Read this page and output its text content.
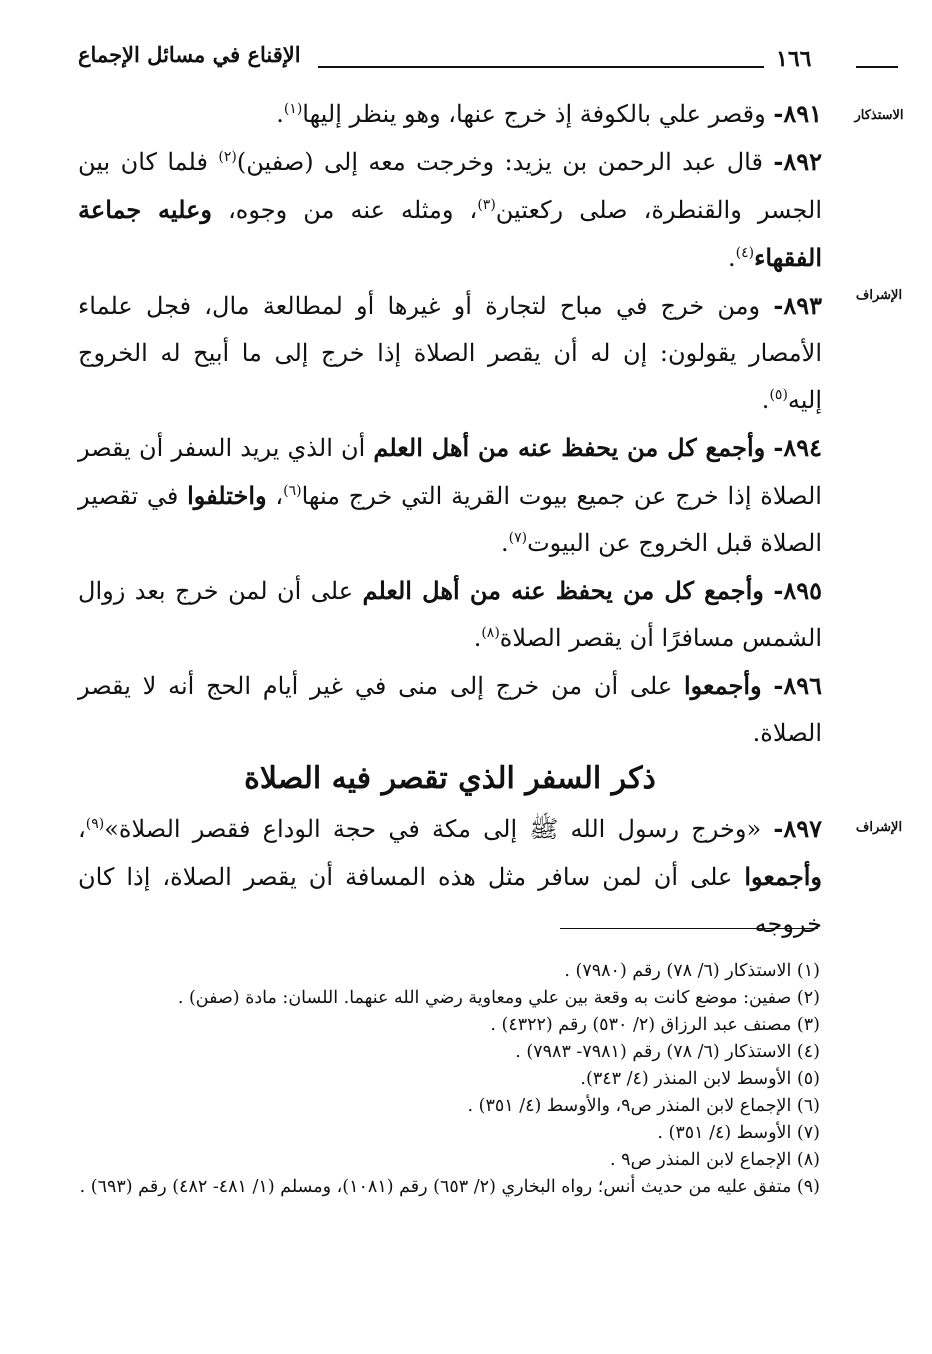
الإقناع في مسائل الإجماع	١٦٦
الاستذكار
الإشراف
الإشراف

٨٩١- وقصر علي بالكوفة إذ خرج عنها، وهو ينظر إليها$^{(١)}$.

٨٩٢- قال عبد الرحمن بن يزيد: وخرجت معه إلى (صفين)$^{(٢)}$ فلما كان بين الجسر والقنطرة، صلى ركعتين$^{(٣)}$، ومثله عنه من وجوه، وعليه جماعة الفقهاء$^{(٤)}$.

٨٩٣- ومن خرج في مباح لتجارة أو غيرها أو لمطالعة مال، فجل علماء الأمصار يقولون: إن له أن يقصر الصلاة إذا خرج إلى ما أبيح له الخروج إليه$^{(٥)}$.

٨٩٤- وأجمع كل من يحفظ عنه من أهل العلم أن الذي يريد السفر أن يقصر الصلاة إذا خرج عن جميع بيوت القرية التي خرج منها$^{(٦)}$، واختلفوا في تقصير الصلاة قبل الخروج عن البيوت$^{(٧)}$.

٨٩٥- وأجمع كل من يحفظ عنه من أهل العلم على أن لمن خرج بعد زوال الشمس مسافرًا أن يقصر الصلاة$^{(٨)}$.

٨٩٦- وأجمعوا على أن من خرج إلى منى في غير أيام الحج أنه لا يقصر الصلاة.

ذكر السفر الذي تقصر فيه الصلاة

٨٩٧- «وخرج رسول الله ﷺ إلى مكة في حجة الوداع فقصر الصلاة»$^{(٩)}$، وأجمعوا على أن لمن سافر مثل هذه المسافة أن يقصر الصلاة، إذا كان خروجه

(١) الاستذكار (٦/ ٧٨) رقم (٧٩٨٠) .

(٢) صفين: موضع كانت به وقعة بين علي ومعاوية رضي الله عنهما. اللسان: مادة (صفن) .

(٣) مصنف عبد الرزاق (٢/ ٥٣٠) رقم (٤٣٢٢) .

(٤) الاستذكار (٦/ ٧٨) رقم (٧٩٨١- ٧٩٨٣) .

(٥) الأوسط لابن المنذر (٤/ ٣٤٣).

(٦) الإجماع لابن المنذر ص٩، والأوسط (٤/ ٣٥١) .

(٧) الأوسط (٤/ ٣٥١) .

(٨) الإجماع لابن المنذر ص٩ .

(٩) متفق عليه من حديث أنس؛ رواه البخاري (٢/ ٦٥٣) رقم (١٠٨١)، ومسلم (١/ ٤٨١- ٤٨٢) رقم (٦٩٣) .
